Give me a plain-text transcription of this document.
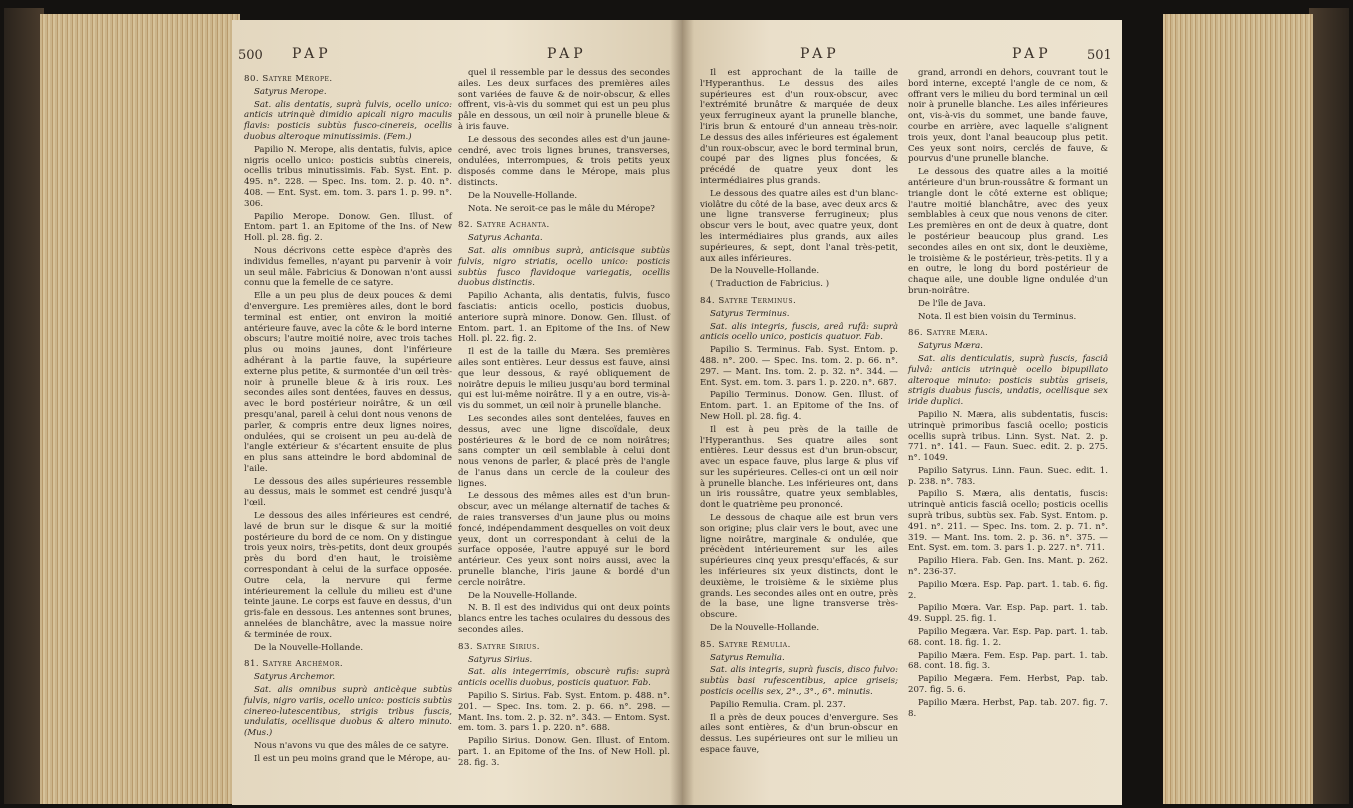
500 PAP	PAP

80. Satyre Mérope.

Satyrus Merope.

Sat. alis dentatis, suprà fulvis, ocello unico: anticis utrinquè dimidio apicali nigro maculis flavis: posticis subtùs fusco-cinereis, ocellis duobus alteroque minutissimis. (Fem.)

Papilio N. Merope, alis dentatis, fulvis, apice nigris ocello unico: posticis subtùs cinereis, ocellis tribus minutissimis. Fab. Syst. Ent. p. 495. n°. 228. — Spec. Ins. tom. 2. p. 40. n°. 408. — Ent. Syst. em. tom. 3. pars 1. p. 99. n°. 306.

Papilio Merope. Donow. Gen. Illust. of Entom. part 1. an Epitome of the Ins. of New Holl. pl. 28. fig. 2.

Nous décrivons cette espèce d'après des individus femelles, n'ayant pu parvenir à voir un seul mâle. Fabricius & Donowan n'ont aussi connu que la femelle de ce satyre.

Elle a un peu plus de deux pouces & demi d'envergure. Les premières ailes, dont le bord terminal est entier, ont environ la moitié antérieure fauve, avec la côte & le bord interne obscurs; l'autre moitié noire, avec trois taches plus ou moins jaunes, dont l'inférieure adhérant à la partie fauve, la supérieure externe plus petite, & surmontée d'un œil très-noir à prunelle bleue & à iris roux. Les secondes ailes sont dentées, fauves en dessus, avec le bord postérieur noirâtre, & un œil presqu'anal, pareil à celui dont nous venons de parler, & compris entre deux lignes noires, ondulées, qui se croisent un peu au-delà de l'angle extérieur & s'écartent ensuite de plus en plus sans atteindre le bord abdominal de l'aile.

Le dessous des ailes supérieures ressemble au dessus, mais le sommet est cendré jusqu'à l'œil.

Le dessous des ailes inférieures est cendré, lavé de brun sur le disque & sur la moitié postérieure du bord de ce nom. On y distingue trois yeux noirs, très-petits, dont deux groupés près du bord d'en haut, le troisième correspondant à celui de la surface opposée. Outre cela, la nervure qui ferme intérieurement la cellule du milieu est d'une teinte jaune. Le corps est fauve en dessus, d'un gris-fale en dessous. Les antennes sont brunes, annelées de blanchâtre, avec la massue noire & terminée de roux.

De la Nouvelle-Hollande.

81. Satyre Archémor.

Satyrus Archemor.

Sat. alis omnibus suprà anticèque subtùs fulvis, nigro variis, ocello unico: posticis subtùs cinereo-lutescentibus, strigis tribus fuscis, undulatis, ocellisque duobus & altero minuto. (Mus.)

Nous n'avons vu que des mâles de ce satyre.

Il est un peu moins grand que le Mérope, au-

quel il ressemble par le dessus des secondes ailes. Les deux surfaces des premières ailes sont variées de fauve & de noir-obscur, & elles offrent, vis-à-vis du sommet qui est un peu plus pâle en dessous, un œil noir à prunelle bleue & à iris fauve.

Le dessous des secondes ailes est d'un jaune-cendré, avec trois lignes brunes, transverses, ondulées, interrompues, & trois petits yeux disposés comme dans le Mérope, mais plus distincts.

De la Nouvelle-Hollande.

Nota. Ne seroit-ce pas le mâle du Mérope?

82. Satyre Achanta.

Satyrus Achanta.

Sat. alis omnibus suprà, anticisque subtùs fulvis, nigro striatis, ocello unico: posticis subtùs fusco flavidoque variegatis, ocellis duobus distinctis.

Papilio Achanta, alis dentatis, fulvis, fusco fasciatis: anticis ocello, posticis duobus, anteriore suprà minore. Donow. Gen. Illust. of Entom. part. 1. an Epitome of the Ins. of New Holl. pl. 22. fig. 2.

Il est de la taille du Mæra. Ses premières ailes sont entières. Leur dessus est fauve, ainsi que leur dessous, & rayé obliquement de noirâtre depuis le milieu jusqu'au bord terminal qui est lui-même noirâtre. Il y a en outre, vis-à-vis du sommet, un œil noir à prunelle blanche.

Les secondes ailes sont dentelées, fauves en dessus, avec une ligne discoïdale, deux postérieures & le bord de ce nom noirâtres; sans compter un œil semblable à celui dont nous venons de parler, & placé près de l'angle de l'anus dans un cercle de la couleur des lignes.

Le dessous des mêmes ailes est d'un brun-obscur, avec un mélange alternatif de taches & de raies transverses d'un jaune plus ou moins foncé, indépendamment desquelles on voit deux yeux, dont un correspondant à celui de la surface opposée, l'autre appuyé sur le bord antérieur. Ces yeux sont noirs aussi, avec la prunelle blanche, l'iris jaune & bordé d'un cercle noirâtre.

De la Nouvelle-Hollande.

N. B. Il est des individus qui ont deux points blancs entre les taches oculaires du dessous des secondes ailes.

83. Satyre Sirius.

Satyrus Sirius.

Sat. alis integerrimis, obscurè rufis: suprà anticis ocellis duobus, posticis quatuor. Fab.

Papilio S. Sirius. Fab. Syst. Entom. p. 488. n°. 201. — Spec. Ins. tom. 2. p. 66. n°. 298. — Mant. Ins. tom. 2. p. 32. n°. 343. — Entom. Syst. em. tom. 3. pars 1. p. 220. n°. 688.

Papilio Sirius. Donow. Gen. Illust. of Entom. part. 1. an Epitome of the Ins. of New Holl. pl. 28. fig. 3.

PAP	PAP	501

Il est approchant de la taille de l'Hyperanthus. Le dessus des ailes supérieures est d'un roux-obscur, avec l'extrémité brunâtre & marquée de deux yeux ferrugineux ayant la prunelle blanche, l'iris brun & entouré d'un anneau très-noir. Le dessus des ailes inférieures est également d'un roux-obscur, avec le bord terminal brun, coupé par des lignes plus foncées, & précédé de quatre yeux dont les intermédiaires plus grands.

Le dessous des quatre ailes est d'un blanc-violâtre du côté de la base, avec deux arcs & une ligne transverse ferrugineux; plus obscur vers le bout, avec quatre yeux, dont les intermédiaires plus grands, aux ailes supérieures, & sept, dont l'anal très-petit, aux ailes inférieures.

De la Nouvelle-Hollande.

( Traduction de Fabricius. )

84. Satyre Terminus.

Satyrus Terminus.

Sat. alis integris, fuscis, areâ rufâ: suprà anticis ocello unico, posticis quatuor. Fab.

Papilio S. Terminus. Fab. Syst. Entom. p. 488. n°. 200. — Spec. Ins. tom. 2. p. 66. n°. 297. — Mant. Ins. tom. 2. p. 32. n°. 344. — Ent. Syst. em. tom. 3. pars 1. p. 220. n°. 687.

Papilio Terminus. Donow. Gen. Illust. of Entom. part. 1. an Epitome of the Ins. of New Holl. pl. 28. fig. 4.

Il est à peu près de la taille de l'Hyperanthus. Ses quatre ailes sont entières. Leur dessus est d'un brun-obscur, avec un espace fauve, plus large & plus vif sur les supérieures. Celles-ci ont un œil noir à prunelle blanche. Les inférieures ont, dans un iris roussâtre, quatre yeux semblables, dont le quatrième peu prononcé.

Le dessous de chaque aile est brun vers son origine; plus clair vers le bout, avec une ligne noirâtre, marginale & ondulée, que précèdent intérieurement sur les ailes supérieures cinq yeux presqu'effacés, & sur les inférieures six yeux distincts, dont le deuxième, le troisième & le sixième plus grands. Les secondes ailes ont en outre, près de la base, une ligne transverse très-obscure.

De la Nouvelle-Hollande.

85. Satyre Rémulia.

Satyrus Remulia.

Sat. alis integris, suprà fuscis, disco fulvo: subtùs basi rufescentibus, apice griseis; posticis ocellis sex, 2°., 3°., 6°. minutis.

Papilio Remulia. Cram. pl. 237.

Il a près de deux pouces d'envergure. Ses ailes sont entières, & d'un brun-obscur en dessus. Les supérieures ont sur le milieu un espace fauve,

grand, arrondi en dehors, couvrant tout le bord interne, excepté l'angle de ce nom, & offrant vers le milieu du bord terminal un œil noir à prunelle blanche. Les ailes inférieures ont, vis-à-vis du sommet, une bande fauve, courbe en arrière, avec laquelle s'alignent trois yeux, dont l'anal beaucoup plus petit. Ces yeux sont noirs, cerclés de fauve, & pourvus d'une prunelle blanche.

Le dessous des quatre ailes a la moitié antérieure d'un brun-roussâtre & formant un triangle dont le côté externe est oblique; l'autre moitié blanchâtre, avec des yeux semblables à ceux que nous venons de citer. Les premières en ont de deux à quatre, dont le postérieur beaucoup plus grand. Les secondes ailes en ont six, dont le deuxième, le troisième & le postérieur, très-petits. Il y a en outre, le long du bord postérieur de chaque aile, une double ligne ondulée d'un brun-noirâtre.

De l'île de Java.

Nota. Il est bien voisin du Terminus.

86. Satyre Mæra.

Satyrus Mæra.

Sat. alis denticulatis, suprà fuscis, fasciâ fulvâ: anticis utrinquè ocello bipupillato alteroque minuto: posticis subtùs griseis, strigis duabus fuscis, undatis, ocellisque sex iride duplici.

Papilio N. Mæra, alis subdentatis, fuscis: utrinquè primoribus fasciâ ocello; posticis ocellis suprà tribus. Linn. Syst. Nat. 2. p. 771. n°. 141. — Faun. Suec. edit. 2. p. 275. n°. 1049.

Papilio Satyrus. Linn. Faun. Suec. edit. 1. p. 238. n°. 783.

Papilio S. Mæra, alis dentatis, fuscis: utrinquè anticis fasciâ ocello; posticis ocellis suprà tribus, subtùs sex. Fab. Syst. Entom. p. 491. n°. 211. — Spec. Ins. tom. 2. p. 71. n°. 319. — Mant. Ins. tom. 2. p. 36. n°. 375. — Ent. Syst. em. tom. 3. pars 1. p. 227. n°. 711.

Papilio Hiera. Fab. Gen. Ins. Mant. p. 262. n°. 236-37.

Papilio Mœra. Esp. Pap. part. 1. tab. 6. fig. 2.

Papilio Mœra. Var. Esp. Pap. part. 1. tab. 49. Suppl. 25. fig. 1.

Papilio Megæra. Var. Esp. Pap. part. 1. tab. 68. cont. 18. fig. 1. 2.

Papilio Mæra. Fem. Esp. Pap. part. 1. tab. 68. cont. 18. fig. 3.

Papilio Megæra. Fem. Herbst, Pap. tab. 207. fig. 5. 6.

Papilio Mæra. Herbst, Pap. tab. 207. fig. 7. 8.
